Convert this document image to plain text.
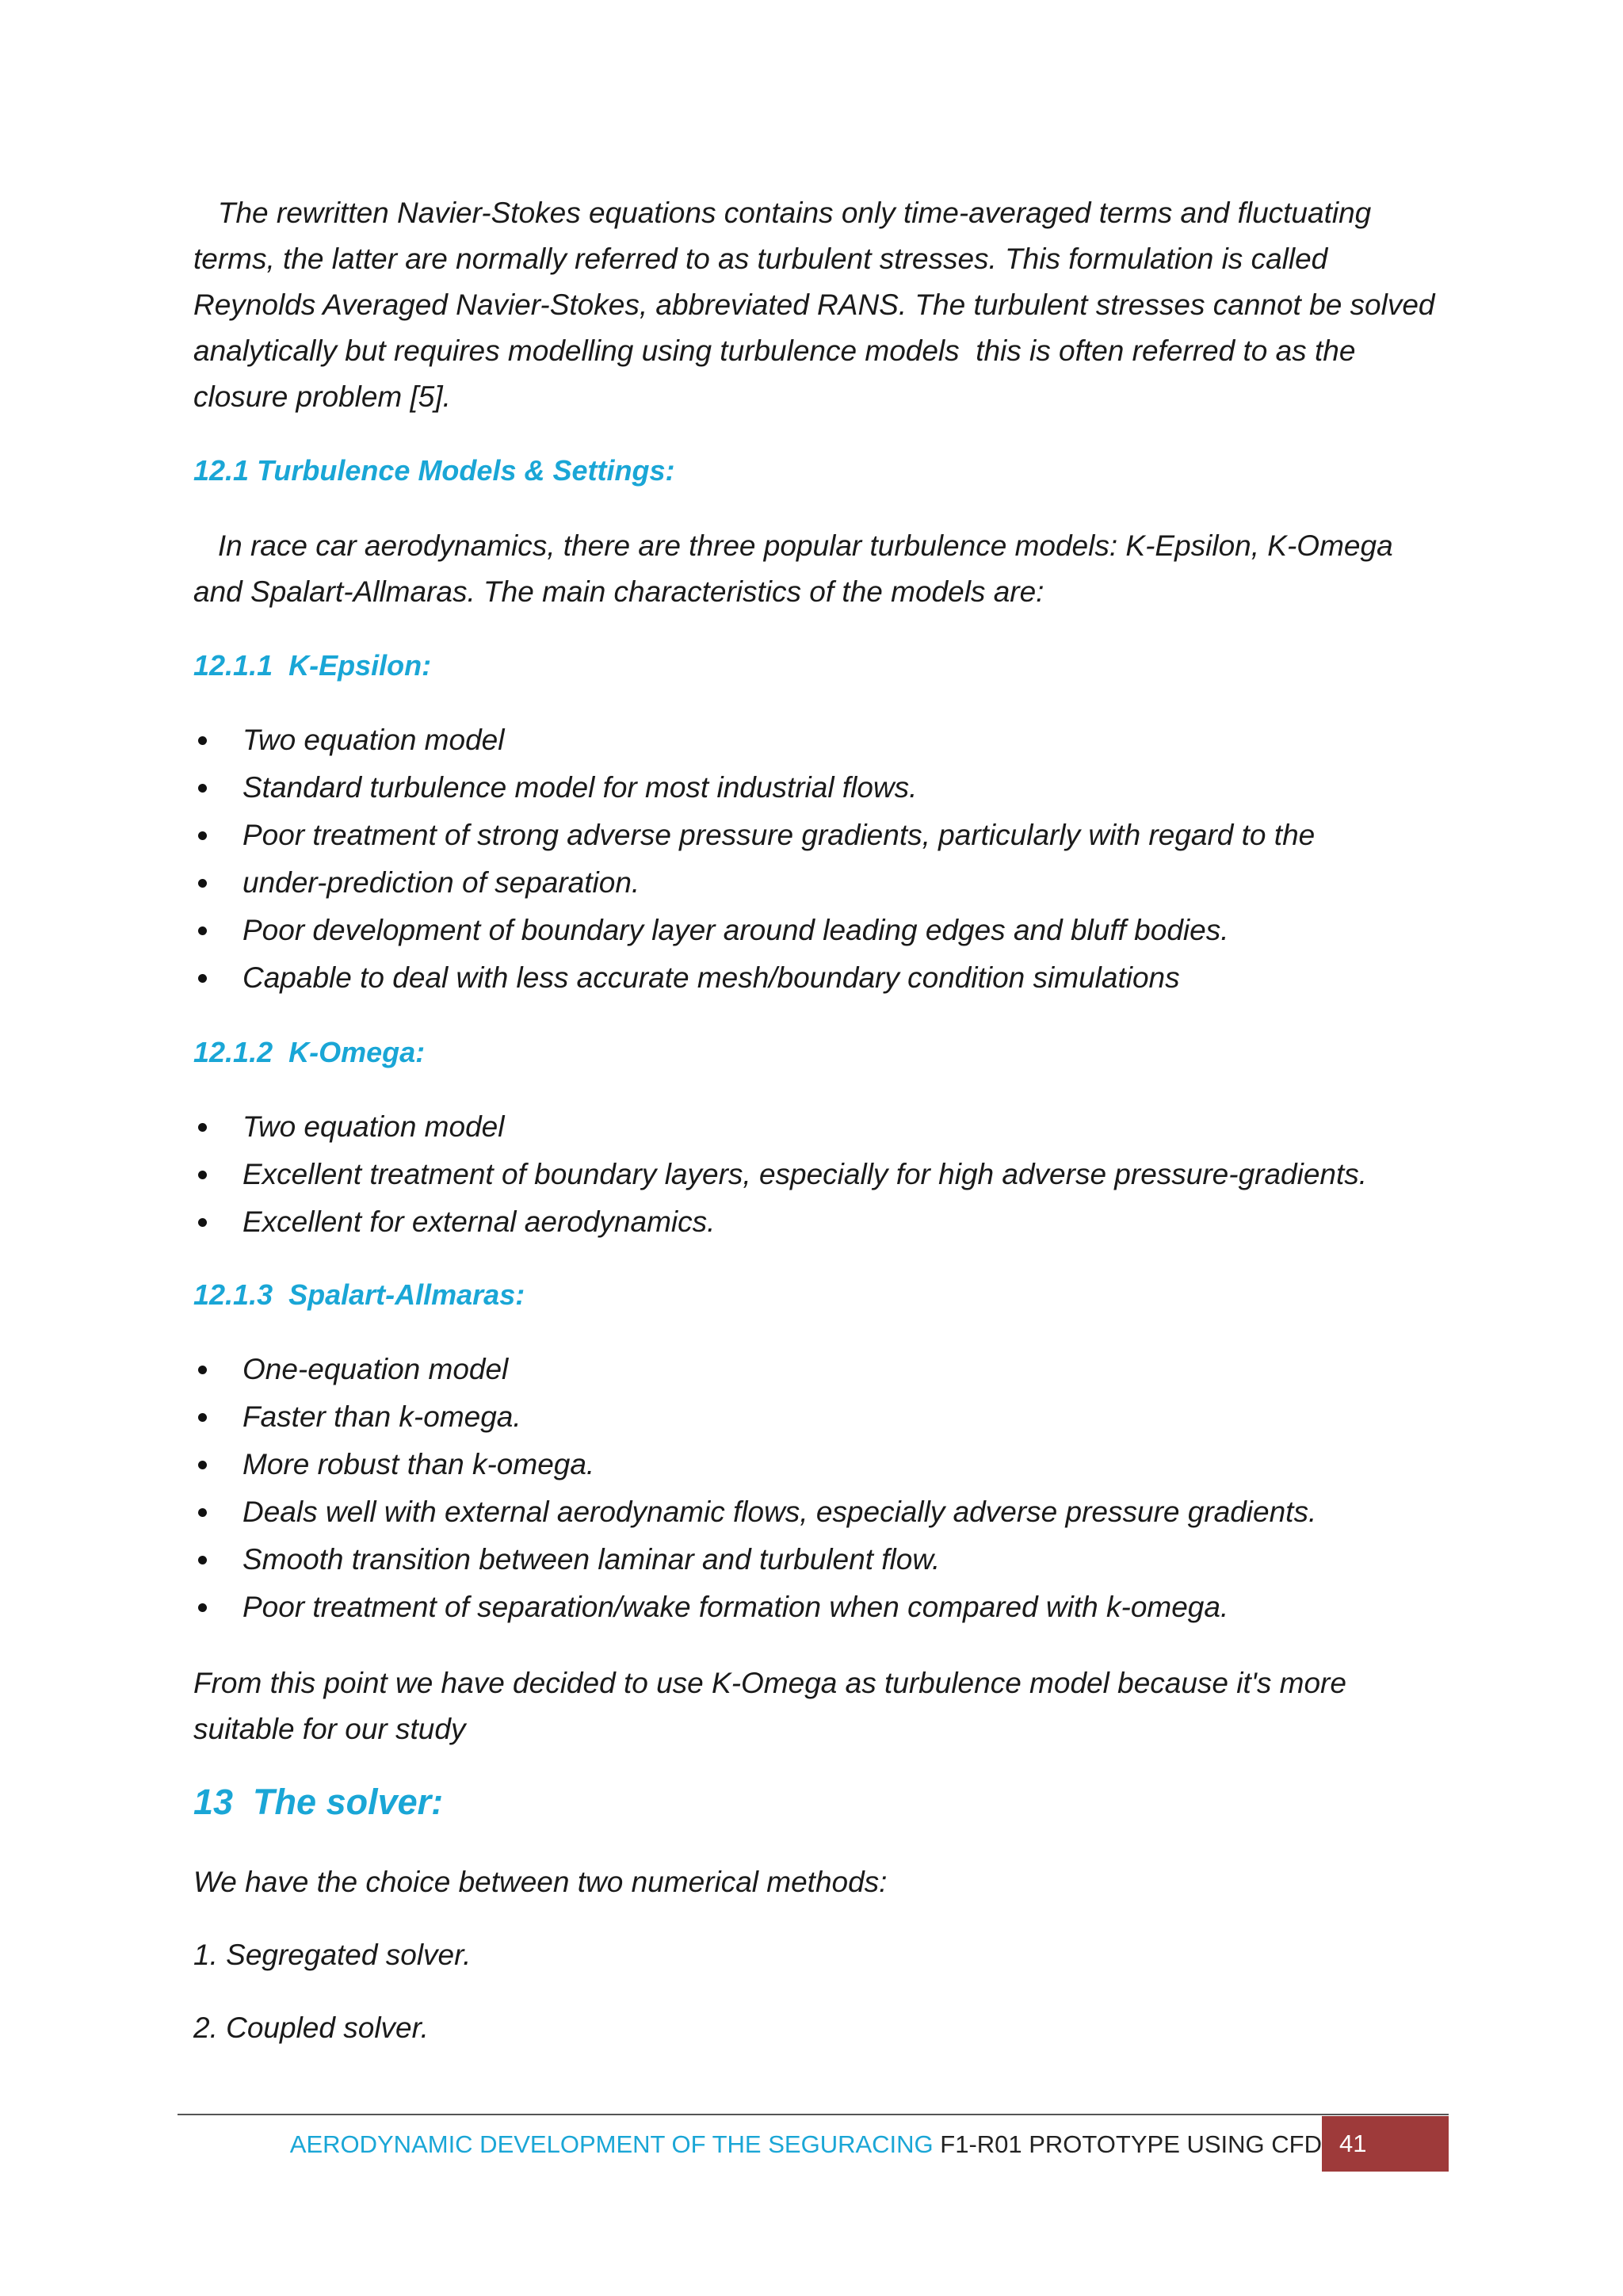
The rewritten Navier-Stokes equations contains only time-averaged terms and fluctuating terms, the latter are normally referred to as turbulent stresses. This formulation is called Reynolds Averaged Navier-Stokes, abbreviated RANS. The turbulent stresses cannot be solved analytically but requires modelling using turbulence models  this is often referred to as the closure problem [5].

12.1 Turbulence Models & Settings:

In race car aerodynamics, there are three popular turbulence models: K-Epsilon, K-Omega and Spalart-Allmaras. The main characteristics of the models are:

12.1.1  K-Epsilon:

Two equation model
Standard turbulence model for most industrial flows.
Poor treatment of strong adverse pressure gradients, particularly with regard to the
under-prediction of separation.
Poor development of boundary layer around leading edges and bluff bodies.
Capable to deal with less accurate mesh/boundary condition simulations

12.1.2  K-Omega:

Two equation model
Excellent treatment of boundary layers, especially for high adverse pressure-gradients.
Excellent for external aerodynamics.

12.1.3  Spalart-Allmaras:

One-equation model
Faster than k-omega.
More robust than k-omega.
Deals well with external aerodynamic flows, especially adverse pressure gradients.
Smooth transition between laminar and turbulent flow.
Poor treatment of separation/wake formation when compared with k-omega.

From this point we have decided to use K-Omega as turbulence model because it's more suitable for our study

13  The solver:

We have the choice between two numerical methods:

1. Segregated solver.

2. Coupled solver.

AERODYNAMIC DEVELOPMENT OF THE SEGURACING F1-R01 PROTOTYPE USING CFD 41
